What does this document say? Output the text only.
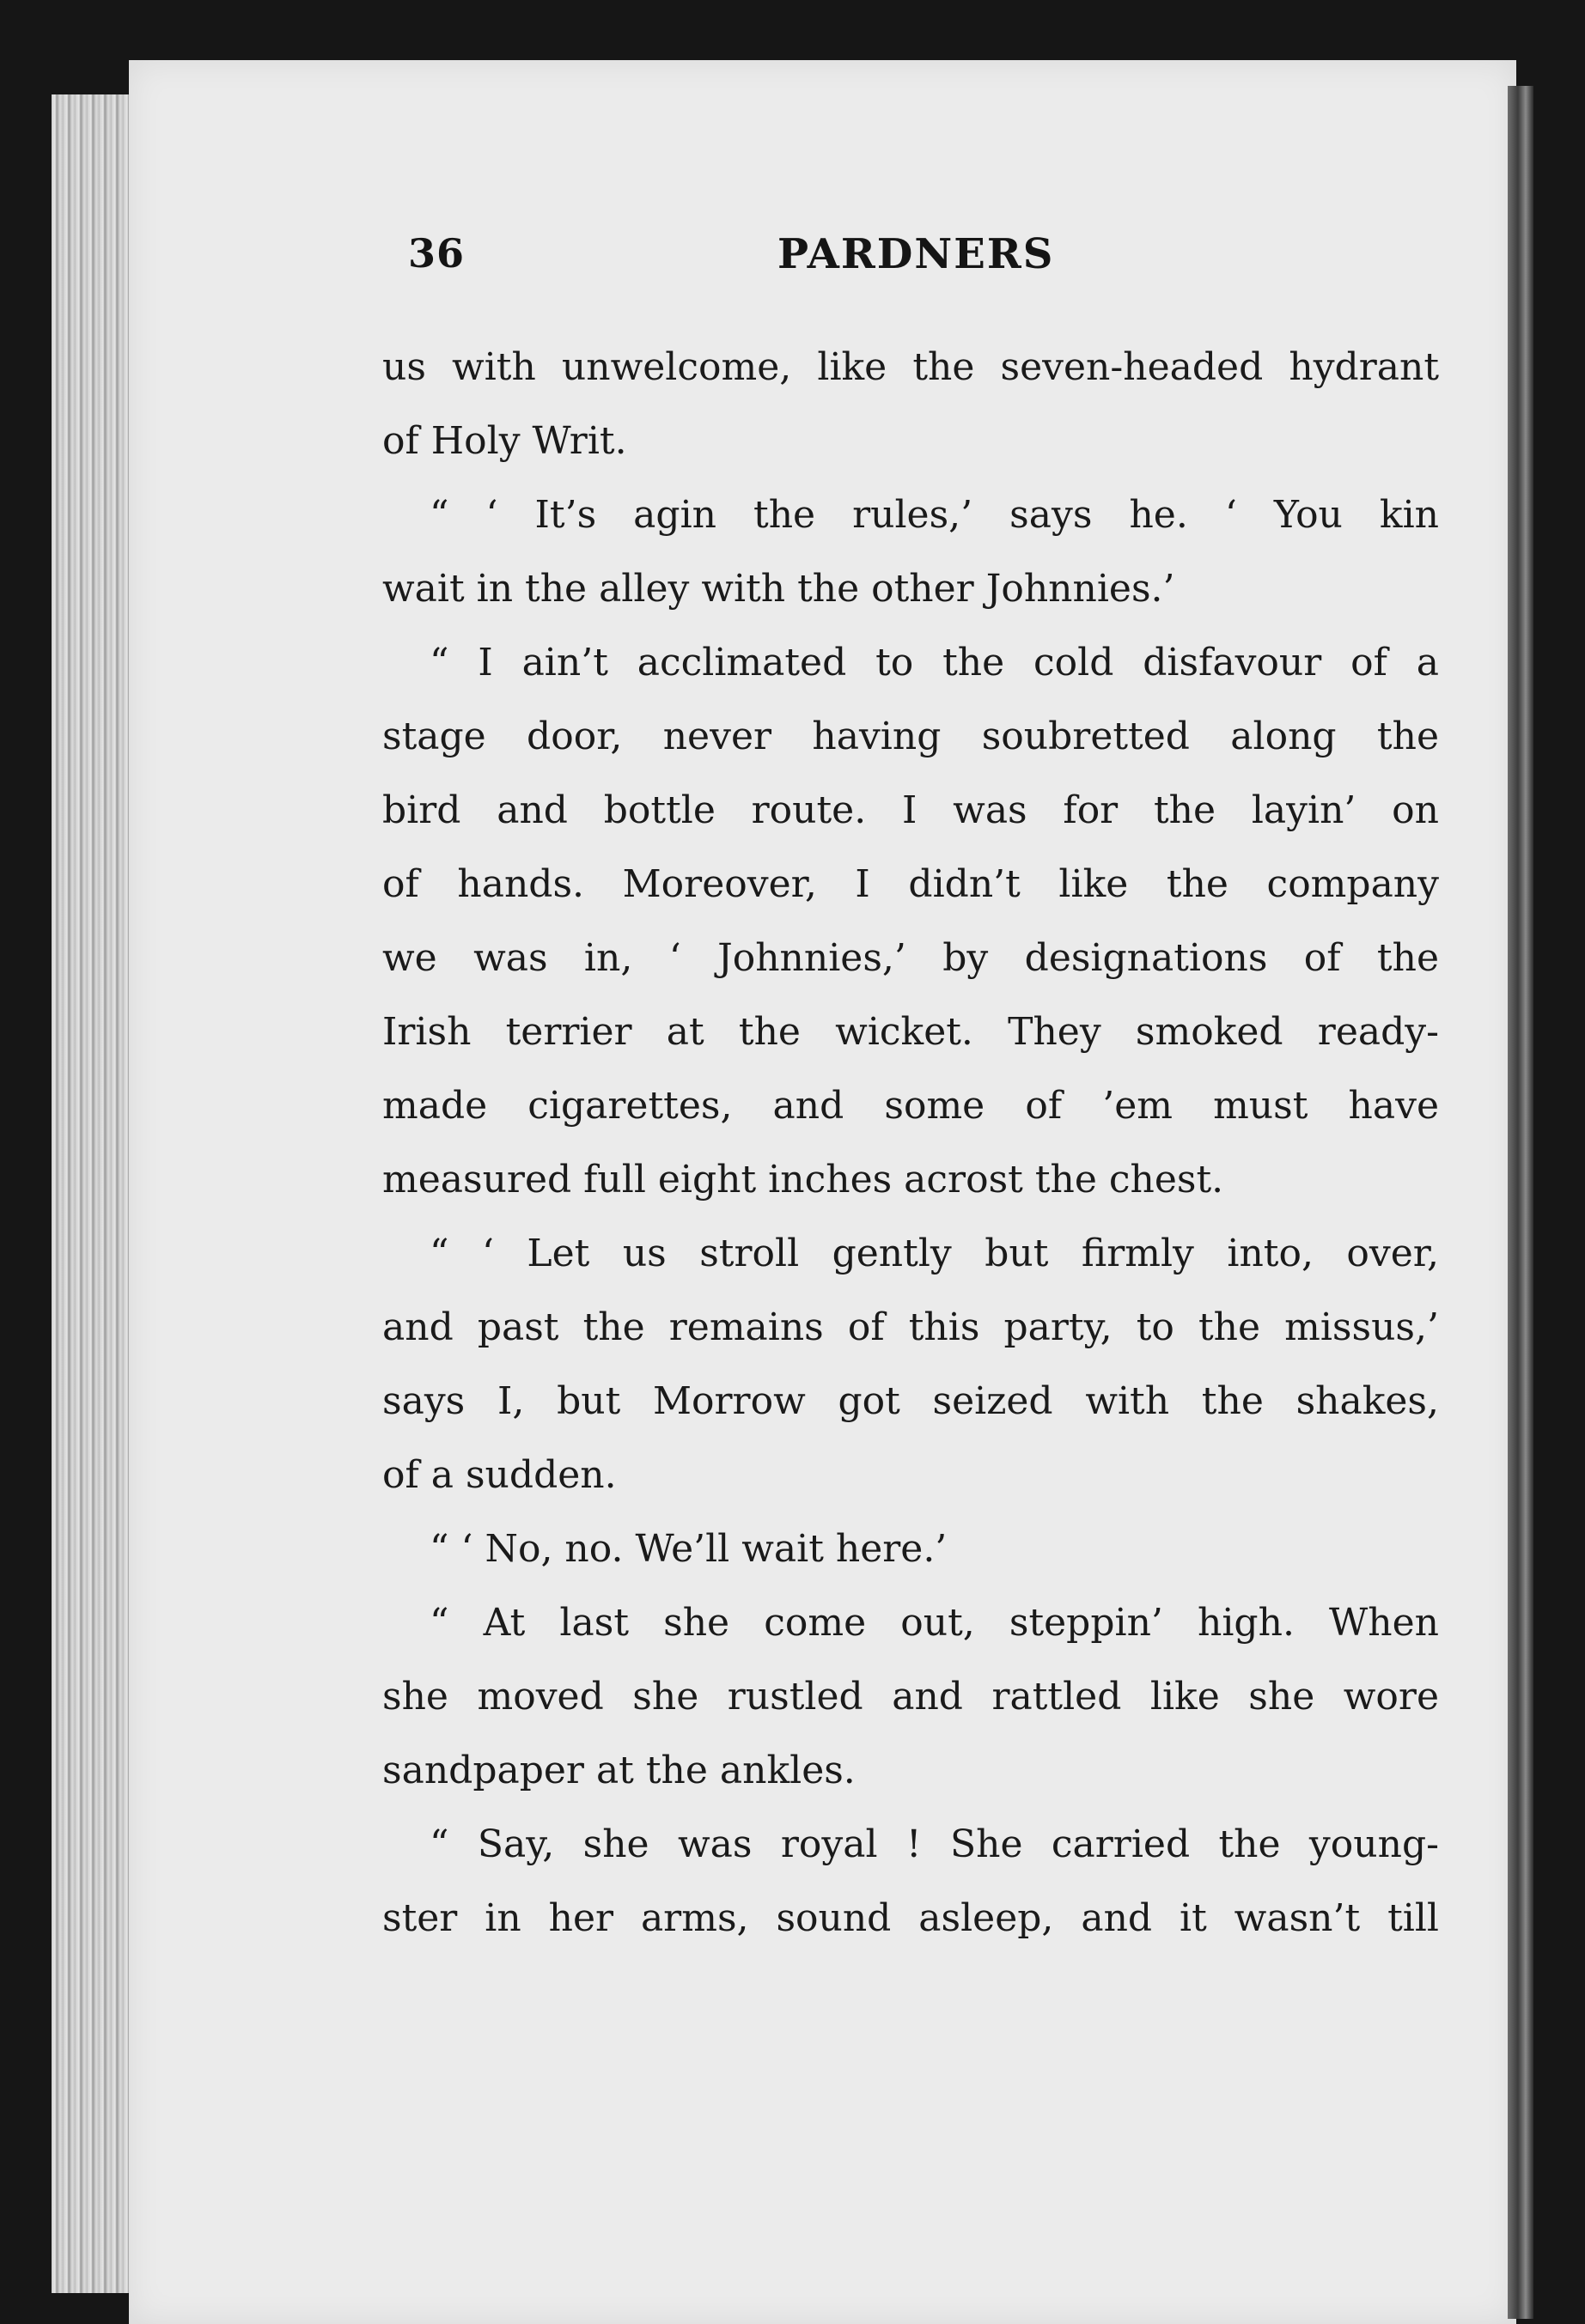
36	PARDNERS
us with unwelcome, like the seven-headed hydrant
of Holy Writ.
“ ‘ It’s agin the rules,’ says he. ‘ You kin
wait in the alley with the other Johnnies.’
“ I ain’t acclimated to the cold disfavour of a
stage door, never having soubretted along the
bird and bottle route. I was for the layin’ on
of hands. Moreover, I didn’t like the company
we was in, ‘ Johnnies,’ by designations of the
Irish terrier at the wicket. They smoked ready-
made cigarettes, and some of ’em must have
measured full eight inches acrost the chest.
“ ‘ Let us stroll gently but firmly into, over,
and past the remains of this party, to the missus,’
says I, but Morrow got seized with the shakes,
of a sudden.
“ ‘ No, no. We’ll wait here.’
“ At last she come out, steppin’ high. When
she moved she rustled and rattled like she wore
sandpaper at the ankles.
“ Say, she was royal ! She carried the young-
ster in her arms, sound asleep, and it wasn’t till
